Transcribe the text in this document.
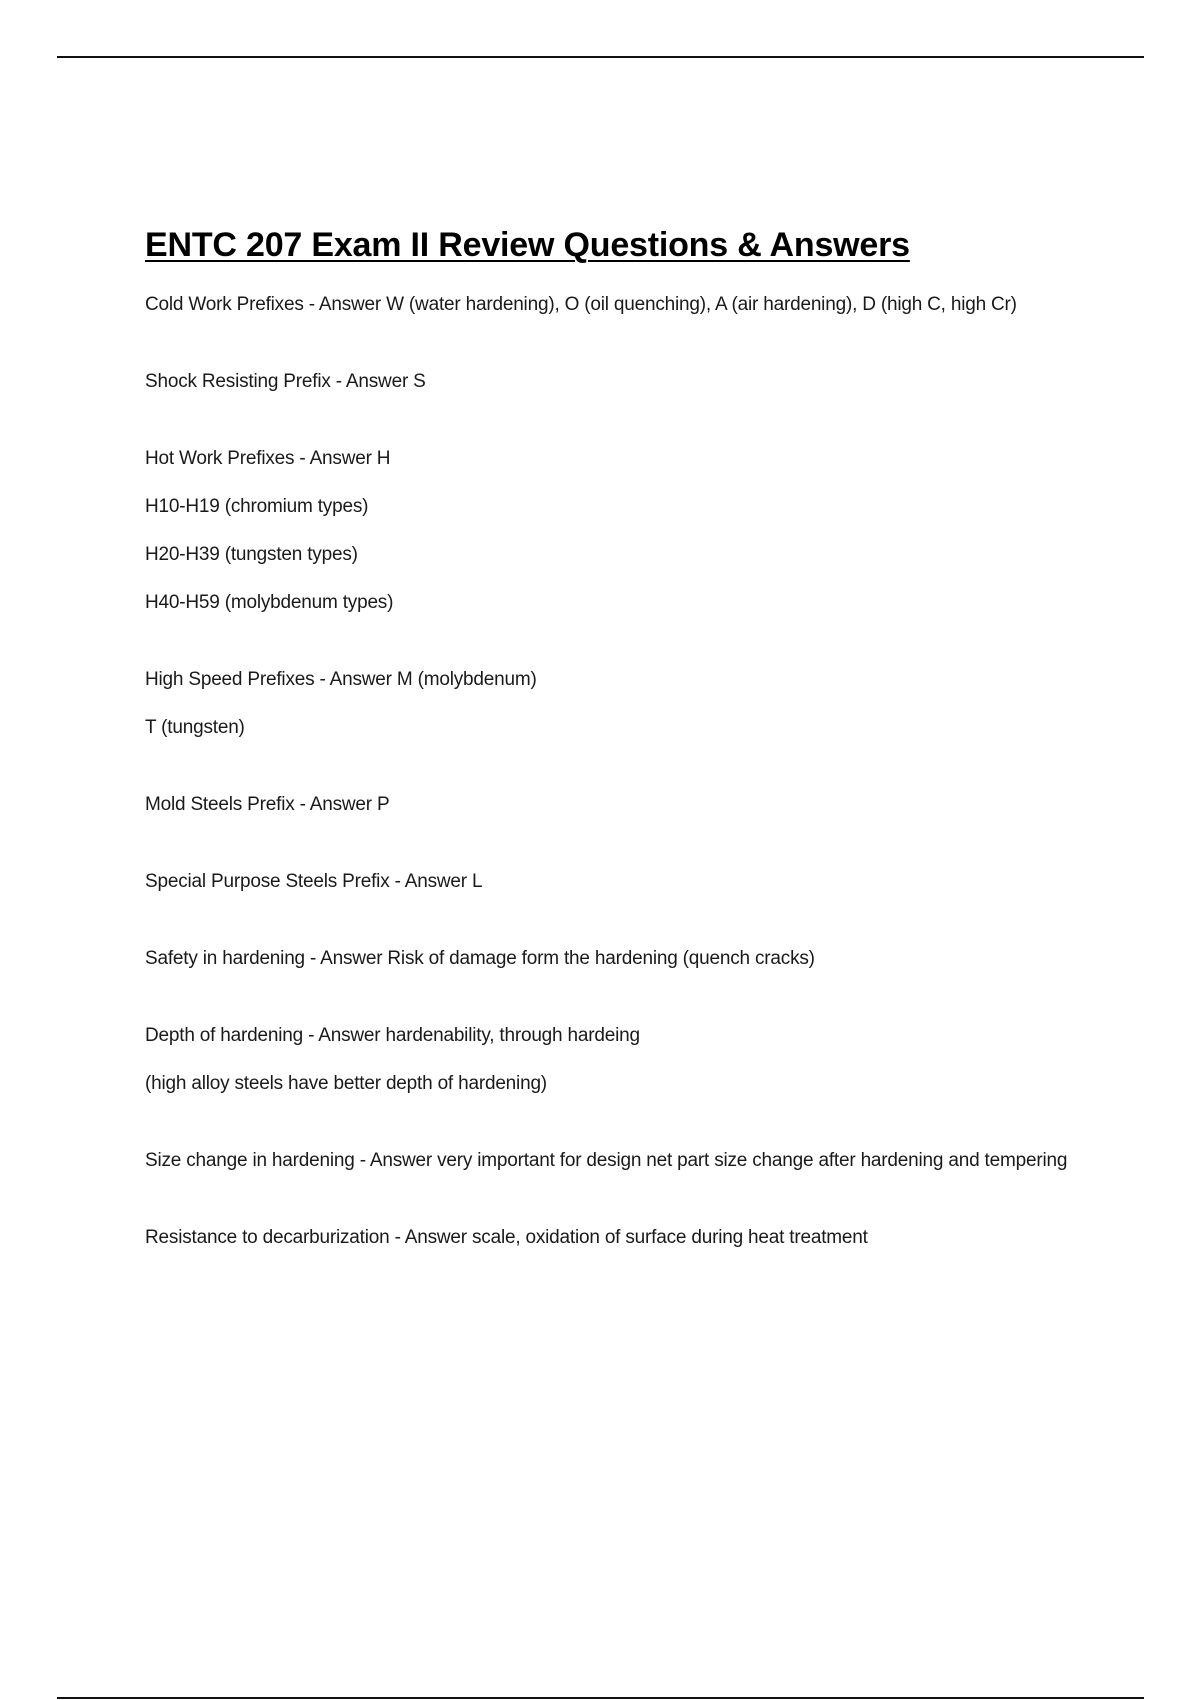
ENTC 207 Exam II Review Questions & Answers
Cold Work Prefixes - Answer W (water hardening), O (oil quenching), A (air hardening), D (high C, high Cr)
Shock Resisting Prefix - Answer S
Hot Work Prefixes - Answer H
H10-H19 (chromium types)
H20-H39 (tungsten types)
H40-H59 (molybdenum types)
High Speed Prefixes - Answer M (molybdenum)
T (tungsten)
Mold Steels Prefix - Answer P
Special Purpose Steels Prefix - Answer L
Safety in hardening - Answer Risk of damage form the hardening (quench cracks)
Depth of hardening - Answer hardenability, through hardeing
(high alloy steels have better depth of hardening)
Size change in hardening - Answer very important for design net part size change after hardening and tempering
Resistance to decarburization - Answer scale, oxidation of surface during heat treatment
